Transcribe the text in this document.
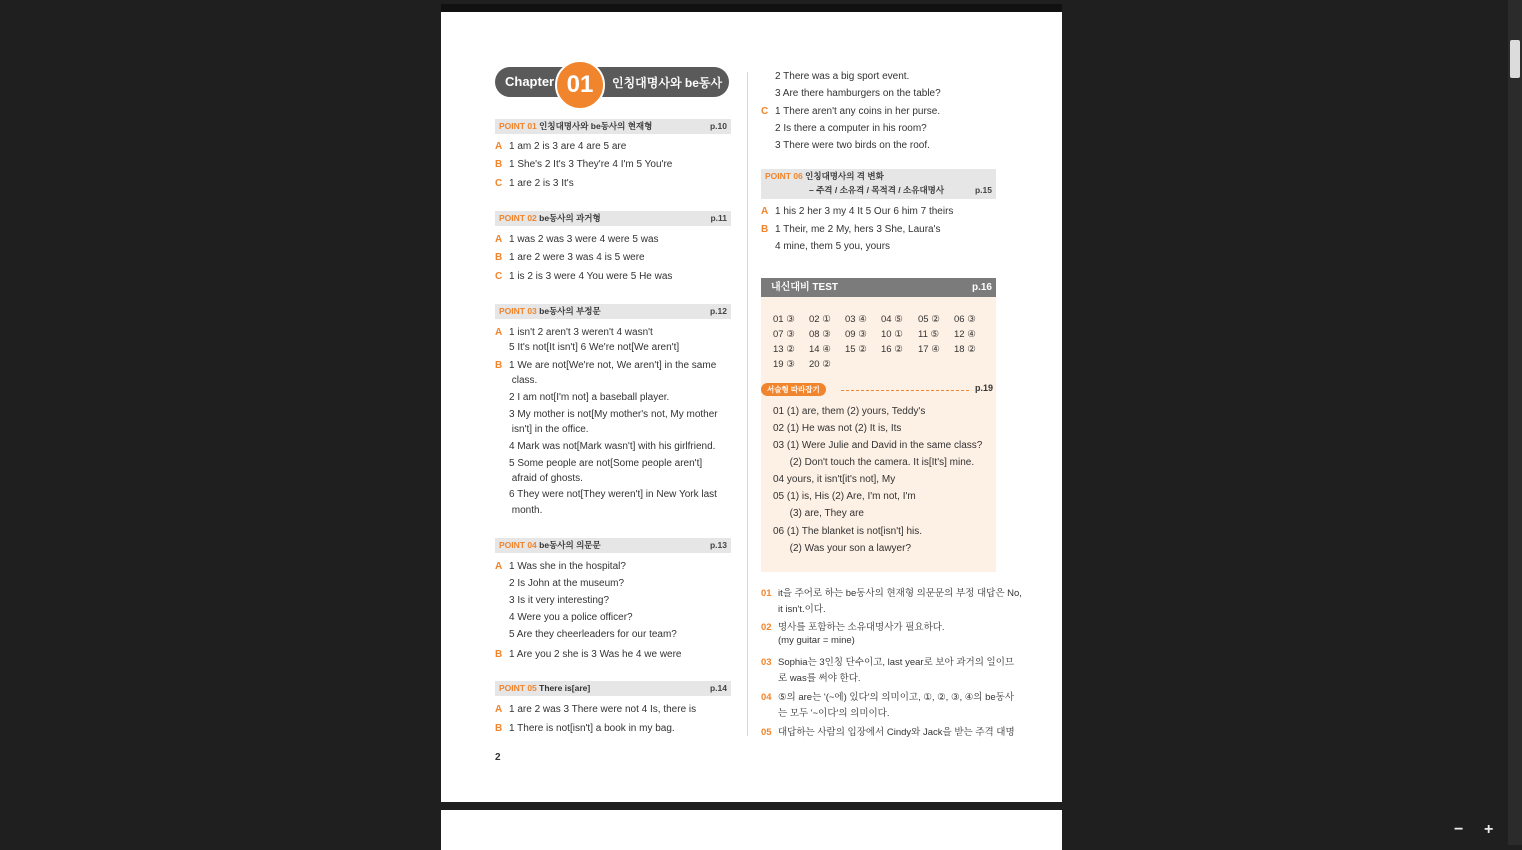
Chapter 01	인칭대명사와 be동사
POINT 01 인칭대명사와 be동사의 현재형	p.10
POINT 02 be동사의 과거형	p.11
POINT 03 be동사의 부정문	p.12
POINT 04 be동사의 의문문	p.13
POINT 05 There is[are]	p.14
A 1 am 2 is 3 are 4 are 5 are
B 1 She's 2 It's 3 They're 4 I'm 5 You're
C 1 are 2 is 3 It's
A 1 was 2 was 3 were 4 were 5 was
B 1 are 2 were 3 was 4 is 5 were
C 1 is 2 is 3 were 4 You were 5 He was
A 1 isn't 2 aren't 3 weren't 4 wasn't
5 It's not[It isn't] 6 We're not[We aren't]
B 1 We are not[We're not, We aren't] in the same
class.
2 I am not[I'm not] a baseball player.
3 My mother is not[My mother's not, My mother
isn't] in the office.
4 Mark was not[Mark wasn't] with his girlfriend.
5 Some people are not[Some people aren't]
afraid of ghosts.
6 They were not[They weren't] in New York last
month.
A 1 Was she in the hospital?
2 Is John at the museum?
3 Is it very interesting?
4 Were you a police officer?
5 Are they cheerleaders for our team?
B 1 Are you 2 she is 3 Was he 4 we were
A 1 are 2 was 3 There were not 4 Is, there is
B 1 There is not[isn't] a book in my bag.
2
2 There was a big sport event.
3 Are there hamburgers on the table?
C 1 There aren't any coins in her purse.
2 Is there a computer in his room?
3 There were two birds on the roof.
POINT 06 인칭대명사의 격 변화
– 주격 / 소유격 / 목적격 / 소유대명사	p.15
A 1 his 2 her 3 my 4 It 5 Our 6 him 7 theirs
B 1 Their, me 2 My, hers 3 She, Laura's
4 mine, them 5 you, yours
내신대비 TEST	p.16
01 ③ 02 ① 03 ④ 04 ⑤ 05 ② 06 ③
07 ③ 08 ③ 09 ③ 10 ① 11 ⑤ 12 ④
13 ② 14 ④ 15 ② 16 ② 17 ④ 18 ②
19 ③ 20 ②
서술형 따라잡기	p.19
01 (1) are, them (2) yours, Teddy's
02 (1) He was not (2) It is, Its
03 (1) Were Julie and David in the same class?
(2) Don't touch the camera. It is[It's] mine.
04 yours, it isn't[it's not], My
05 (1) is, His (2) Are, I'm not, I'm
(3) are, They are
06 (1) The blanket is not[isn't] his.
(2) Was your son a lawyer?
01 it을 주어로 하는 be동사의 현재형 의문문의 부정 대답은 No,
it isn't.이다.
02 명사를 포함하는 소유대명사가 필요하다.
(my guitar = mine)
03 Sophia는 3인칭 단수이고, last year로 보아 과거의 일이므
로 was를 써야 한다.
04 ⑤의 are는 '(~에) 있다'의 의미이고, ①, ②, ③, ④의 be동사
는 모두 '~이다'의 의미이다.
05 대답하는 사람의 입장에서 Cindy와 Jack을 받는 주격 대명
− +
